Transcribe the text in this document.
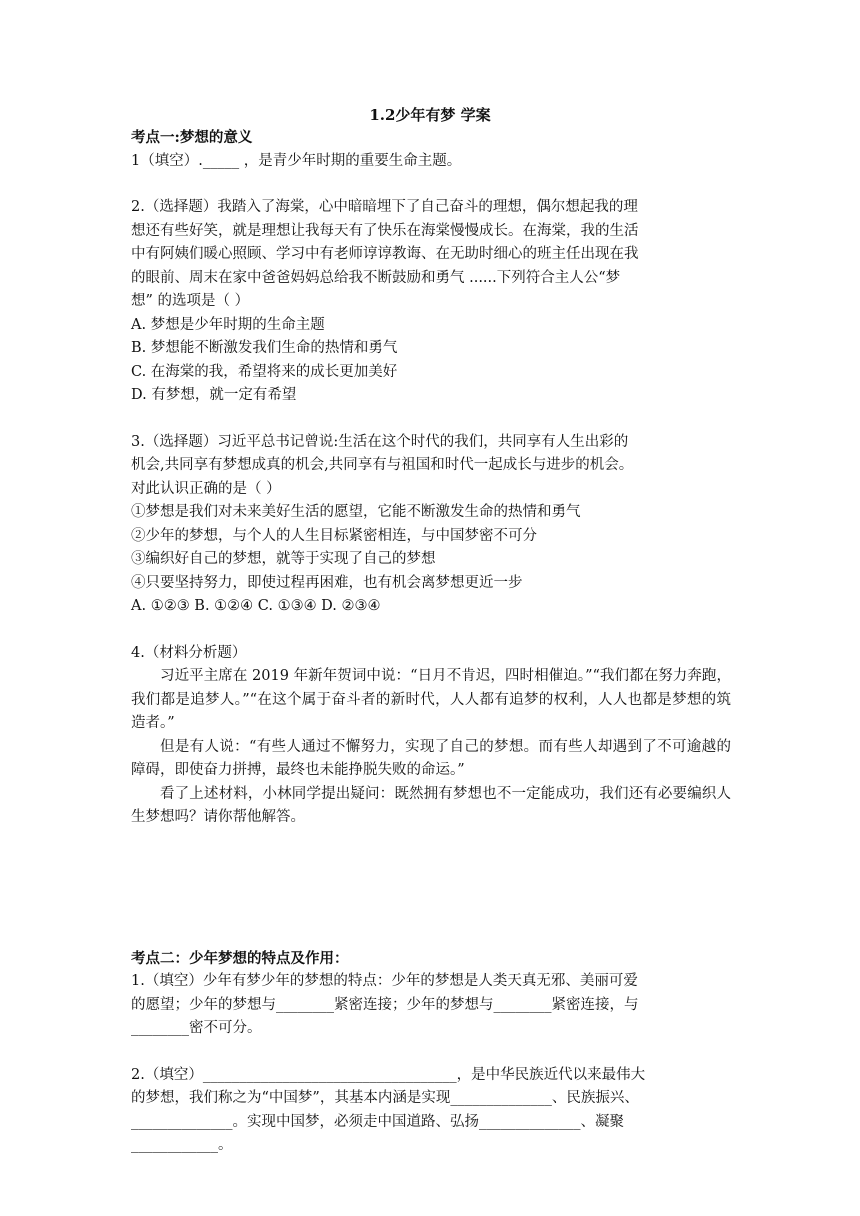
1.2少年有梦 学案

考点一:梦想的意义

1（填空）._____ ，是青少年时期的重要生命主题。

2.（选择题）我踏入了海棠，心中暗暗埋下了自己奋斗的理想，偶尔想起我的理

想还有些好笑，就是理想让我每天有了快乐在海棠慢慢成长。在海棠，我的生活

中有阿姨们暖心照顾、学习中有老师谆谆教诲、在无助时细心的班主任出现在我

的眼前、周末在家中爸爸妈妈总给我不断鼓励和勇气 ......下列符合主人公“梦

想” 的选项是（ ）

A. 梦想是少年时期的生命主题

B. 梦想能不断激发我们生命的热情和勇气

C. 在海棠的我，希望将来的成长更加美好

D. 有梦想，就一定有希望

3.（选择题）习近平总书记曾说:生活在这个时代的我们，共同享有人生出彩的

机会,共同享有梦想成真的机会,共同享有与祖国和时代一起成长与进步的机会。

对此认识正确的是（ ）

①梦想是我们对未来美好生活的愿望，它能不断激发生命的热情和勇气

②少年的梦想，与个人的人生目标紧密相连，与中国梦密不可分

③编织好自己的梦想，就等于实现了自己的梦想

④只要坚持努力，即使过程再困难，也有机会离梦想更近一步

A. ①②③ B. ①②④ C. ①③④ D. ②③④

4.（材料分析题）

习近平主席在 2019 年新年贺词中说：“日月不肯迟，四时相催迫。”“我们都在努力奔跑，我们都是追梦人。”“在这个属于奋斗者的新时代，人人都有追梦的权利，人人也都是梦想的筑造者。”

但是有人说：“有些人通过不懈努力，实现了自己的梦想。而有些人却遇到了不可逾越的障碍，即使奋力拼搏，最终也未能挣脱失败的命运。”

看了上述材料，小林同学提出疑问：既然拥有梦想也不一定能成功，我们还有必要编织人生梦想吗？请你帮他解答。

考点二：少年梦想的特点及作用：

1.（填空）少年有梦少年的梦想的特点：少年的梦想是人类天真无邪、美丽可爱

的愿望；少年的梦想与________紧密连接；少年的梦想与________紧密连接，与

________密不可分。

2.（填空）___________________________________，是中华民族近代以来最伟大

的梦想，我们称之为“中国梦”，其基本内涵是实现______________、民族振兴、

______________。实现中国梦，必须走中国道路、弘扬______________、凝聚

____________。
